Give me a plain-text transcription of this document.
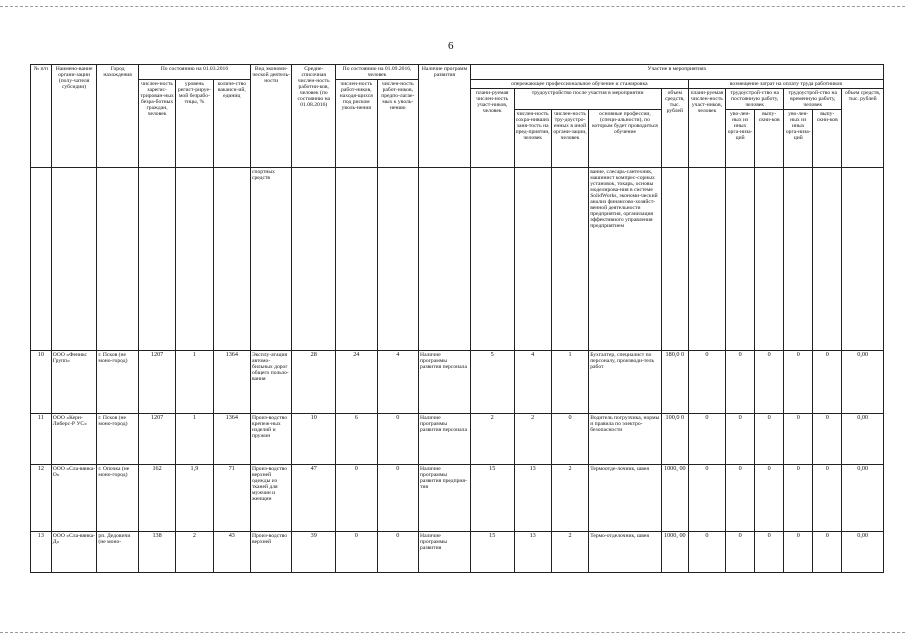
6
№ п/п	Наимено-вание органи-зации (полу-чателя субсидии)	Город нахождения	По состоянию на 01.03.2016			Вид экономи-ческой деятель-ности	Средне-списочная числен-ность работни-ков, человек (по состоянию на 01.08.2016)	По состоянию на 01.09.2016, человек		Наличие программ развития	Участие в мероприятиях										
			числен-ность зарегис-трирован-ных безра-ботных граждан, человек	уровень регист-рируе-мой безрабо-тицы, %	количе-ство ваканси-ий, единиц			числен-ность работ-ников, находя-щихся под риском уволь-нения	числен-ность работ-ников, предпо-лагае-мых к уволь-нению		опережающее профессиональное обучение и стажировка					возмещение затрат на оплату труда работников					
											плани-руемая числен-ность участ-ников, человек	трудоустройство после участия в мероприятии			объем средств, тыс. рублей	плани-руемая числен-ность участ-ников, человек	трудоустрой-ство на постоянную работу, человек		трудоустрой-ство на временную работу, человек		объем средств, тыс. рублей
												числен-ность сохра-нивших заня-тость на пред-приятии, человек	числен-ность тру-доустро-енных в иной органи-зации, человек	основные профессии, (специ-альности), по которым будет проводиться обучение			уво-лен-ных из иных орга-низа-ций	выпу-скни-ков	уво-лен-ных из иных орга-низа-ций	выпу-скни-ков	
						спортных средств								вание, слесарь-сантехник, машинист компрес-сорных установок, токарь, основы моделирова-ния в системе SolidWorks, экономи-ческий анализ финансово-хозяйст-венной деятельности предприятия, организация эффективного управления предприятием							
10	ООО «Феникс Групп»	г. Псков (не моно-город)	1207	1	1364	Эксплу-атация автомо-бильных дорог общего пользо-вания	28	24	4	Наличие программы развития персонала	5	4	1	Бухгалтер, специалист по персоналу, производи-тель работ	180,0 0	0	0	0	0	0	0,00
11	ООО «Керн-Либерс-Р УС»	г. Псков (не моно-город)	1207	1	1364	Произ-водство крепеж-ных изделий и пружин	10	6	0	Наличие программы развития персонала	2	2	0	Водитель погрузчика, нормы и правила по электро-безопасности	100,0 0	0	0	0	0	0	0,00
12	ООО «Сла-вянка-О»	г. Опочка (не моно-город)	162	1,9	71	Произ-водство верхней одежды из тканей для мужчин и женщин	47	0	0	Наличие программы развития предприя-тия	15	13	2	Термоотде-лочник, швея	1000, 00	0	0	0	0	0	0,00
13	ООО «Сла-вянка-Д»	рп. Дедовичи (не моно-	138	2	43	Произ-водство верхней	39	0	0	Наличие программы развития	15	13	2	Термо-отделочник, швея	1000, 00	0	0	0	0	0	0,00
